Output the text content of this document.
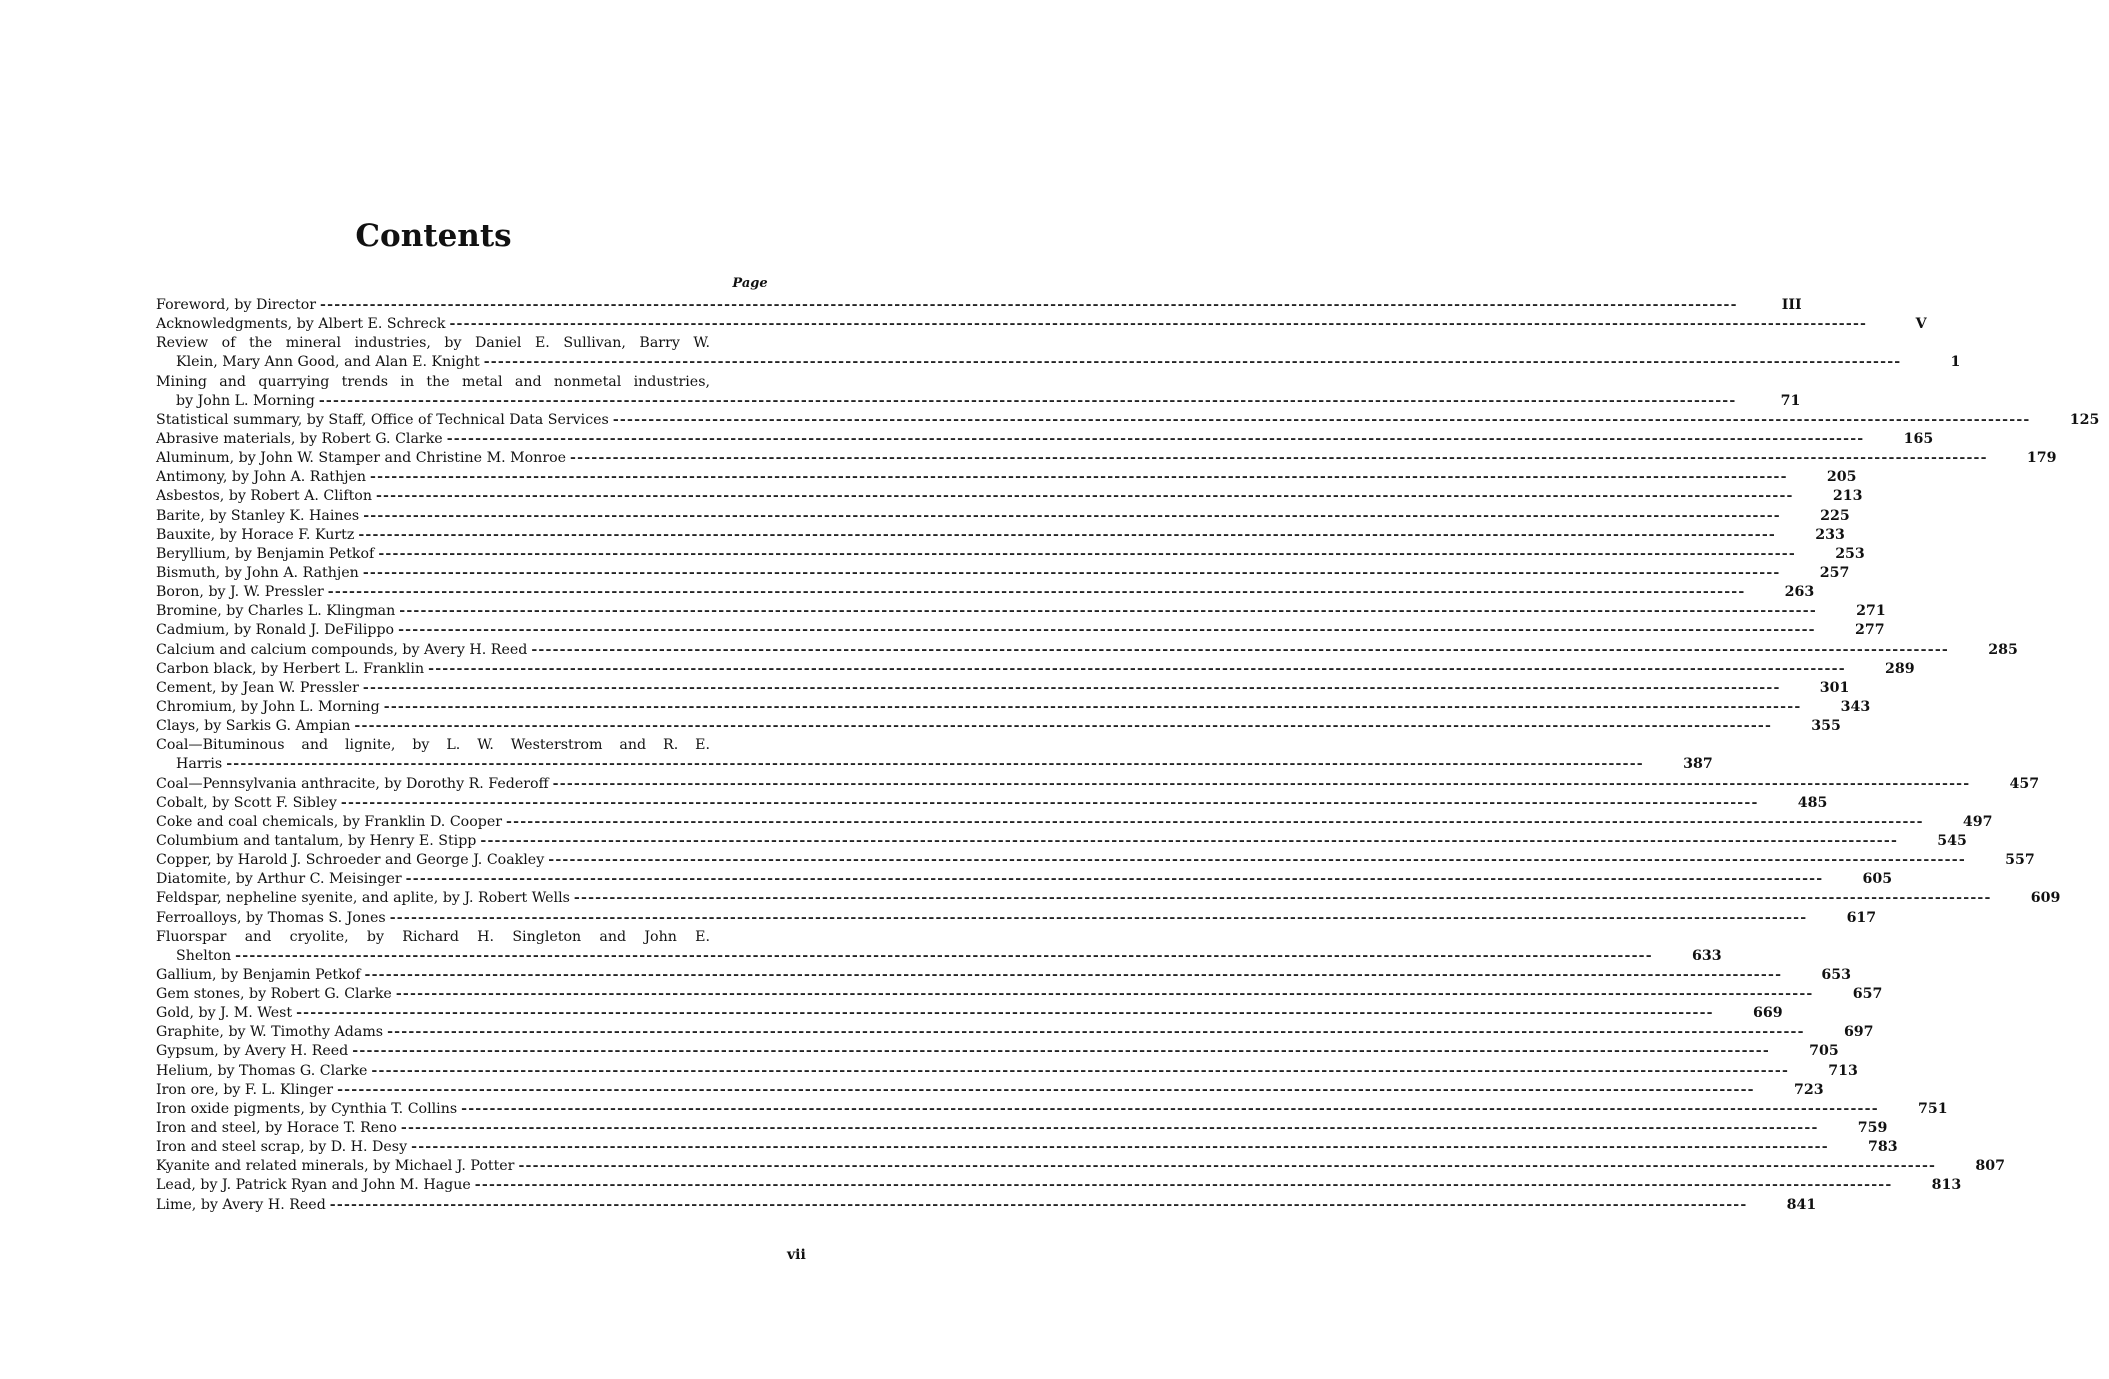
Contents
Page
Foreword, by Director --------------------------------------------------------------------------------------------------------------------------------------------------------------------------------------------------------	III
Acknowledgments, by Albert E. Schreck --------------------------------------------------------------------------------------------------------------------------------------------------------------------------------------------------------	V
Review of the mineral industries, by Daniel E. Sullivan, Barry W.
Klein, Mary Ann Good, and Alan E. Knight --------------------------------------------------------------------------------------------------------------------------------------------------------------------------------------------------------	1
Mining and quarrying trends in the metal and nonmetal industries,
by John L. Morning --------------------------------------------------------------------------------------------------------------------------------------------------------------------------------------------------------	71
Statistical summary, by Staff, Office of Technical Data Services --------------------------------------------------------------------------------------------------------------------------------------------------------------------------------------------------------	125
Abrasive materials, by Robert G. Clarke --------------------------------------------------------------------------------------------------------------------------------------------------------------------------------------------------------	165
Aluminum, by John W. Stamper and Christine M. Monroe --------------------------------------------------------------------------------------------------------------------------------------------------------------------------------------------------------	179
Antimony, by John A. Rathjen --------------------------------------------------------------------------------------------------------------------------------------------------------------------------------------------------------	205
Asbestos, by Robert A. Clifton --------------------------------------------------------------------------------------------------------------------------------------------------------------------------------------------------------	213
Barite, by Stanley K. Haines --------------------------------------------------------------------------------------------------------------------------------------------------------------------------------------------------------	225
Bauxite, by Horace F. Kurtz --------------------------------------------------------------------------------------------------------------------------------------------------------------------------------------------------------	233
Beryllium, by Benjamin Petkof --------------------------------------------------------------------------------------------------------------------------------------------------------------------------------------------------------	253
Bismuth, by John A. Rathjen --------------------------------------------------------------------------------------------------------------------------------------------------------------------------------------------------------	257
Boron, by J. W. Pressler --------------------------------------------------------------------------------------------------------------------------------------------------------------------------------------------------------	263
Bromine, by Charles L. Klingman --------------------------------------------------------------------------------------------------------------------------------------------------------------------------------------------------------	271
Cadmium, by Ronald J. DeFilippo --------------------------------------------------------------------------------------------------------------------------------------------------------------------------------------------------------	277
Calcium and calcium compounds, by Avery H. Reed --------------------------------------------------------------------------------------------------------------------------------------------------------------------------------------------------------	285
Carbon black, by Herbert L. Franklin --------------------------------------------------------------------------------------------------------------------------------------------------------------------------------------------------------	289
Cement, by Jean W. Pressler --------------------------------------------------------------------------------------------------------------------------------------------------------------------------------------------------------	301
Chromium, by John L. Morning --------------------------------------------------------------------------------------------------------------------------------------------------------------------------------------------------------	343
Clays, by Sarkis G. Ampian --------------------------------------------------------------------------------------------------------------------------------------------------------------------------------------------------------	355
Coal—Bituminous and lignite, by L. W. Westerstrom and R. E.
Harris --------------------------------------------------------------------------------------------------------------------------------------------------------------------------------------------------------	387
Coal—Pennsylvania anthracite, by Dorothy R. Federoff --------------------------------------------------------------------------------------------------------------------------------------------------------------------------------------------------------	457
Cobalt, by Scott F. Sibley --------------------------------------------------------------------------------------------------------------------------------------------------------------------------------------------------------	485
Coke and coal chemicals, by Franklin D. Cooper --------------------------------------------------------------------------------------------------------------------------------------------------------------------------------------------------------	497
Columbium and tantalum, by Henry E. Stipp --------------------------------------------------------------------------------------------------------------------------------------------------------------------------------------------------------	545
Copper, by Harold J. Schroeder and George J. Coakley --------------------------------------------------------------------------------------------------------------------------------------------------------------------------------------------------------	557
Diatomite, by Arthur C. Meisinger --------------------------------------------------------------------------------------------------------------------------------------------------------------------------------------------------------	605
Feldspar, nepheline syenite, and aplite, by J. Robert Wells --------------------------------------------------------------------------------------------------------------------------------------------------------------------------------------------------------	609
Ferroalloys, by Thomas S. Jones --------------------------------------------------------------------------------------------------------------------------------------------------------------------------------------------------------	617
Fluorspar and cryolite, by Richard H. Singleton and John E.
Shelton --------------------------------------------------------------------------------------------------------------------------------------------------------------------------------------------------------	633
Gallium, by Benjamin Petkof --------------------------------------------------------------------------------------------------------------------------------------------------------------------------------------------------------	653
Gem stones, by Robert G. Clarke --------------------------------------------------------------------------------------------------------------------------------------------------------------------------------------------------------	657
Gold, by J. M. West --------------------------------------------------------------------------------------------------------------------------------------------------------------------------------------------------------	669
Graphite, by W. Timothy Adams --------------------------------------------------------------------------------------------------------------------------------------------------------------------------------------------------------	697
Gypsum, by Avery H. Reed --------------------------------------------------------------------------------------------------------------------------------------------------------------------------------------------------------	705
Helium, by Thomas G. Clarke --------------------------------------------------------------------------------------------------------------------------------------------------------------------------------------------------------	713
Iron ore, by F. L. Klinger --------------------------------------------------------------------------------------------------------------------------------------------------------------------------------------------------------	723
Iron oxide pigments, by Cynthia T. Collins --------------------------------------------------------------------------------------------------------------------------------------------------------------------------------------------------------	751
Iron and steel, by Horace T. Reno --------------------------------------------------------------------------------------------------------------------------------------------------------------------------------------------------------	759
Iron and steel scrap, by D. H. Desy --------------------------------------------------------------------------------------------------------------------------------------------------------------------------------------------------------	783
Kyanite and related minerals, by Michael J. Potter --------------------------------------------------------------------------------------------------------------------------------------------------------------------------------------------------------	807
Lead, by J. Patrick Ryan and John M. Hague --------------------------------------------------------------------------------------------------------------------------------------------------------------------------------------------------------	813
Lime, by Avery H. Reed --------------------------------------------------------------------------------------------------------------------------------------------------------------------------------------------------------	841
vii
